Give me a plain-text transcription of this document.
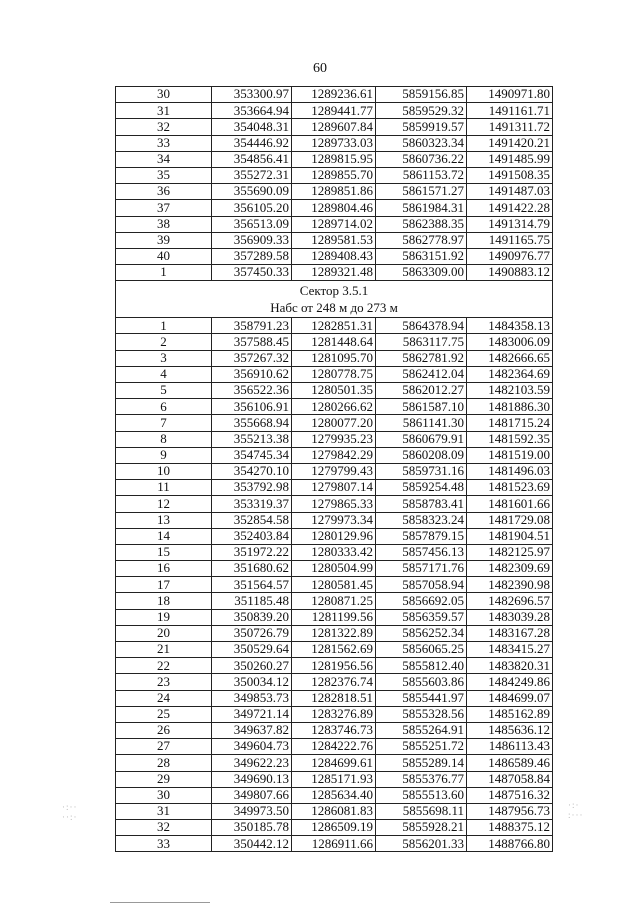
60
30	353300.97	1289236.61	5859156.85	1490971.80
31	353664.94	1289441.77	5859529.32	1491161.71
32	354048.31	1289607.84	5859919.57	1491311.72
33	354446.92	1289733.03	5860323.34	1491420.21
34	354856.41	1289815.95	5860736.22	1491485.99
35	355272.31	1289855.70	5861153.72	1491508.35
36	355690.09	1289851.86	5861571.27	1491487.03
37	356105.20	1289804.46	5861984.31	1491422.28
38	356513.09	1289714.02	5862388.35	1491314.79
39	356909.33	1289581.53	5862778.97	1491165.75
40	357289.58	1289408.43	5863151.92	1490976.77
1	357450.33	1289321.48	5863309.00	1490883.12

Сектор 3.5.1
Набс от 248 м до 273 м				

1	358791.23	1282851.31	5864378.94	1484358.13
2	357588.45	1281448.64	5863117.75	1483006.09
3	357267.32	1281095.70	5862781.92	1482666.65
4	356910.62	1280778.75	5862412.04	1482364.69
5	356522.36	1280501.35	5862012.27	1482103.59
6	356106.91	1280266.62	5861587.10	1481886.30
7	355668.94	1280077.20	5861141.30	1481715.24
8	355213.38	1279935.23	5860679.91	1481592.35
9	354745.34	1279842.29	5860208.09	1481519.00
10	354270.10	1279799.43	5859731.16	1481496.03
11	353792.98	1279807.14	5859254.48	1481523.69
12	353319.37	1279865.33	5858783.41	1481601.66
13	352854.58	1279973.34	5858323.24	1481729.08
14	352403.84	1280129.96	5857879.15	1481904.51
15	351972.22	1280333.42	5857456.13	1482125.97
16	351680.62	1280504.99	5857171.76	1482309.69
17	351564.57	1280581.45	5857058.94	1482390.98
18	351185.48	1280871.25	5856692.05	1482696.57
19	350839.20	1281199.56	5856359.57	1483039.28
20	350726.79	1281322.89	5856252.34	1483167.28
21	350529.64	1281562.69	5856065.25	1483415.27
22	350260.27	1281956.56	5855812.40	1483820.31
23	350034.12	1282376.74	5855603.86	1484249.86
24	349853.73	1282818.51	5855441.97	1484699.07
25	349721.14	1283276.89	5855328.56	1485162.89
26	349637.82	1283746.73	5855264.91	1485636.12
27	349604.73	1284222.76	5855251.72	1486113.43
28	349622.23	1284699.61	5855289.14	1486589.46
29	349690.13	1285171.93	5855376.77	1487058.84
30	349807.66	1285634.40	5855513.60	1487516.32
31	349973.50	1286081.83	5855698.11	1487956.73
32	350185.78	1286509.19	5855928.21	1488375.12
33	350442.12	1286911.66	5856201.33	1488766.80
·:··
··:·
·:·
:···
